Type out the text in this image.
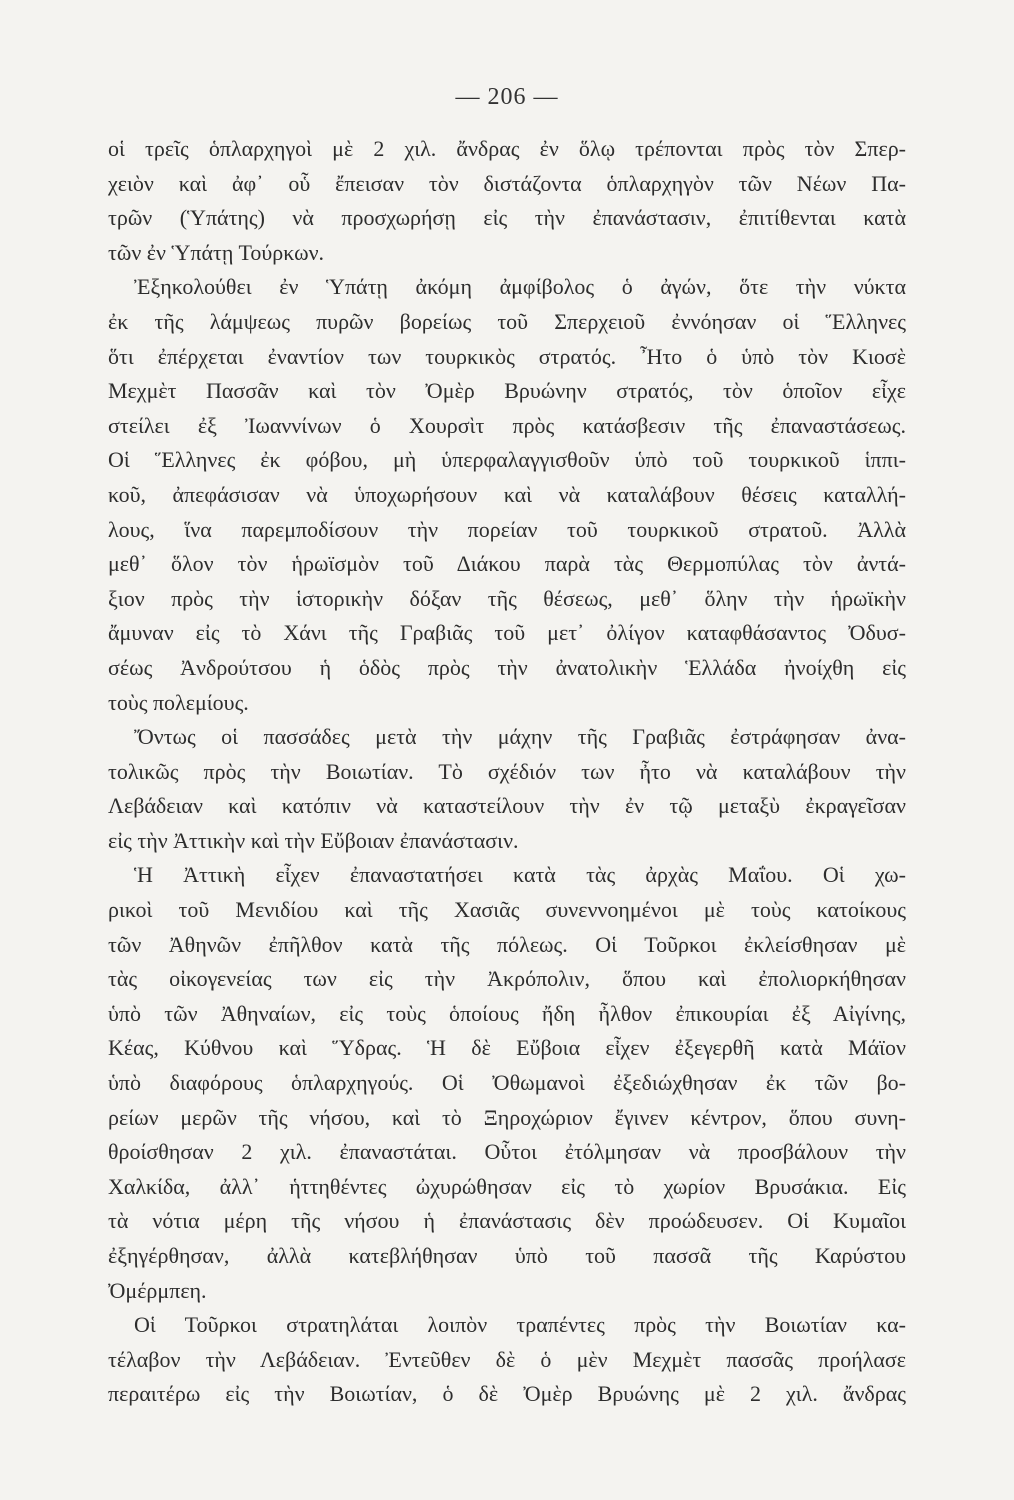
— 206 —
οἱ τρεῖς ὁπλαρχηγοὶ μὲ 2 χιλ. ἄνδρας ἐν ὅλῳ τρέπονται πρὸς τὸν Σπερ-
χειὸν καὶ ἀφ᾽ οὗ ἔπεισαν τὸν διστάζοντα ὁπλαρχηγὸν τῶν Νέων Πα-
τρῶν (Ὑπάτης) νὰ προσχωρήσῃ εἰς τὴν ἐπανάστασιν, ἐπιτίθενται κατὰ
τῶν ἐν Ὑπάτῃ Τούρκων.
Ἐξηκολούθει ἐν Ὑπάτῃ ἀκόμη ἀμφίβολος ὁ ἀγών, ὅτε τὴν νύκτα
ἐκ τῆς λάμψεως πυρῶν βορείως τοῦ Σπερχειοῦ ἐννόησαν οἱ Ἕλληνες
ὅτι ἐπέρχεται ἐναντίον των τουρκικὸς στρατός. Ἦτο ὁ ὑπὸ τὸν Κιοσὲ
Μεχμὲτ Πασσᾶν καὶ τὸν Ὀμὲρ Βρυώνην στρατός, τὸν ὁποῖον εἶχε
στείλει ἐξ Ἰωαννίνων ὁ Χουρσὶτ πρὸς κατάσβεσιν τῆς ἐπαναστάσεως.
Οἱ Ἕλληνες ἐκ φόβου, μὴ ὑπερφαλαγγισθοῦν ὑπὸ τοῦ τουρκικοῦ ἱππι-
κοῦ, ἀπεφάσισαν νὰ ὑποχωρήσουν καὶ νὰ καταλάβουν θέσεις καταλλή-
λους, ἵνα παρεμποδίσουν τὴν πορείαν τοῦ τουρκικοῦ στρατοῦ. Ἀλλὰ
μεθ᾽ ὅλον τὸν ἡρωϊσμὸν τοῦ Διάκου παρὰ τὰς Θερμοπύλας τὸν ἀντά-
ξιον πρὸς τὴν ἱστορικὴν δόξαν τῆς θέσεως, μεθ᾽ ὅλην τὴν ἡρωϊκὴν
ἄμυναν εἰς τὸ Χάνι τῆς Γραβιᾶς τοῦ μετ᾽ ὀλίγον καταφθάσαντος Ὀδυσ-
σέως Ἀνδρούτσου ἡ ὁδὸς πρὸς τὴν ἀνατολικὴν Ἑλλάδα ἠνοίχθη εἰς
τοὺς πολεμίους.
Ὄντως οἱ πασσάδες μετὰ τὴν μάχην τῆς Γραβιᾶς ἐστράφησαν ἀνα-
τολικῶς πρὸς τὴν Βοιωτίαν. Τὸ σχέδιόν των ἦτο νὰ καταλάβουν τὴν
Λεβάδειαν καὶ κατόπιν νὰ καταστείλουν τὴν ἐν τῷ μεταξὺ ἐκραγεῖσαν
εἰς τὴν Ἀττικὴν καὶ τὴν Εὔβοιαν ἐπανάστασιν.
Ἡ Ἀττικὴ εἶχεν ἐπαναστατήσει κατὰ τὰς ἀρχὰς Μαΐου. Οἱ χω-
ρικοὶ τοῦ Μενιδίου καὶ τῆς Χασιᾶς συνεννοημένοι μὲ τοὺς κατοίκους
τῶν Ἀθηνῶν ἐπῆλθον κατὰ τῆς πόλεως. Οἱ Τοῦρκοι ἐκλείσθησαν μὲ
τὰς οἰκογενείας των εἰς τὴν Ἀκρόπολιν, ὅπου καὶ ἐπολιορκήθησαν
ὑπὸ τῶν Ἀθηναίων, εἰς τοὺς ὁποίους ἤδη ἦλθον ἐπικουρίαι ἐξ Αἰγίνης,
Κέας, Κύθνου καὶ Ὕδρας. Ἡ δὲ Εὔβοια εἶχεν ἐξεγερθῆ κατὰ Μάϊον
ὑπὸ διαφόρους ὁπλαρχηγούς. Οἱ Ὀθωμανοὶ ἐξεδιώχθησαν ἐκ τῶν βο-
ρείων μερῶν τῆς νήσου, καὶ τὸ Ξηροχώριον ἔγινεν κέντρον, ὅπου συνη-
θροίσθησαν 2 χιλ. ἐπαναστάται. Οὗτοι ἐτόλμησαν νὰ προσβάλουν τὴν
Χαλκίδα, ἀλλ᾽ ἡττηθέντες ὠχυρώθησαν εἰς τὸ χωρίον Βρυσάκια. Εἰς
τὰ νότια μέρη τῆς νήσου ἡ ἐπανάστασις δὲν προώδευσεν. Οἱ Κυμαῖοι
ἐξηγέρθησαν, ἀλλὰ κατεβλήθησαν ὑπὸ τοῦ πασσᾶ τῆς Καρύστου
Ὀμέρμπεη.
Οἱ Τοῦρκοι στρατηλάται λοιπὸν τραπέντες πρὸς τὴν Βοιωτίαν κα-
τέλαβον τὴν Λεβάδειαν. Ἐντεῦθεν δὲ ὁ μὲν Μεχμὲτ πασσᾶς προήλασε
περαιτέρω εἰς τὴν Βοιωτίαν, ὁ δὲ Ὀμὲρ Βρυώνης μὲ 2 χιλ. ἄνδρας
